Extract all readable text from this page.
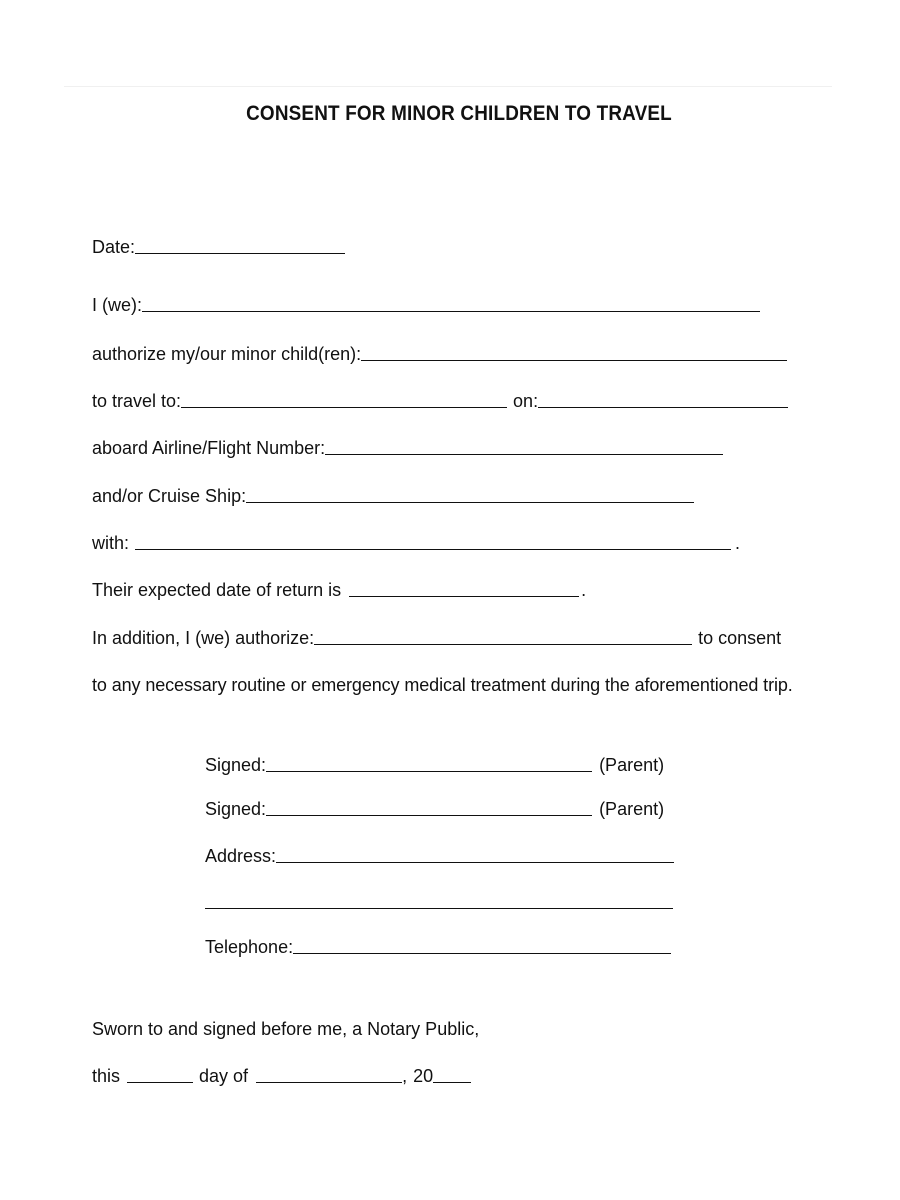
CONSENT FOR MINOR CHILDREN TO TRAVEL
Date:
I (we):
authorize my/our minor child(ren):
to travel to:	on:
aboard Airline/Flight Number:
and/or Cruise Ship:
with:	.
Their expected date of return is	.
In addition, I (we) authorize:	to consent
to any necessary routine or emergency medical treatment during the aforementioned trip.
Signed:	(Parent)
Signed:	(Parent)
Address:
Telephone:
Sworn to and signed before me, a Notary Public,
this	day of	, 20
